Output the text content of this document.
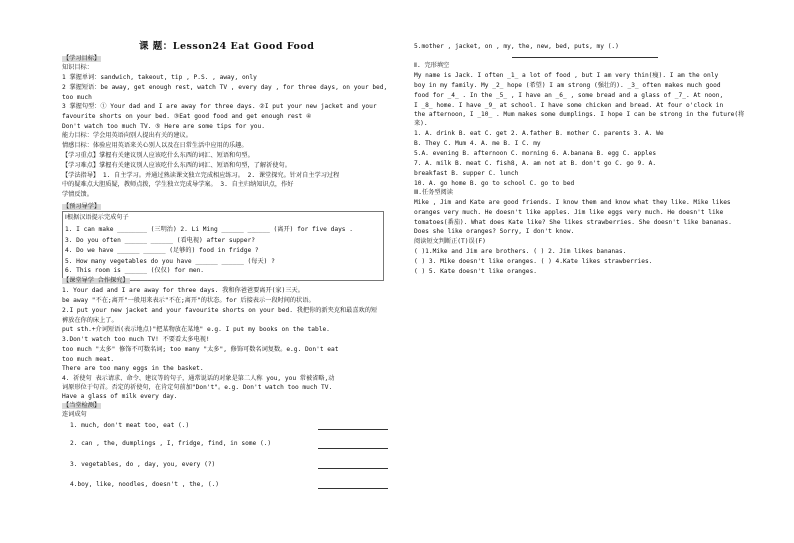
课 题：Lesson24 Eat Good Food
【学习目标】
知识目标：
1 掌握单词：sandwich, takeout, tip , P.S. , away, only
2 掌握短语：be away, get enough rest, watch TV , every day , for three days, on your bed,
too much
3 掌握句型：① Your dad and I are away for three days. ②I put your new jacket and your
favourite shorts on your bed. ③Eat good food and get enough rest ④
Don't watch too much TV. ⑤ Here are some tips for you.
能力目标：学会用英语向别人提出有关的建议。
情感目标：体验应用英语来关心别人以及在日常生活中应用的乐趣。
【学习重点】掌握有关建议别人应该吃什么东西的词汇、短语和句型。
【学习难点】掌握有关建议别人应该吃什么东西的词汇、短语和句型，了解祈使句。
【学法指导】 1. 自主学习。并通过熟读课文独立完成相应练习。 2. 课堂探究。针对自主学习过程
中的疑难点大胆质疑，教师点拨，学生独立完成导学案。 3. 自主归纳知识点，作好
学情反馈。
【预习导学】
Ⅰ根据汉语提示完成句子
1. I can make ________ (三明治) 2. Li Ming ______ ______ (离开) for five days .
3. Do you often ______ ______ (看电视) after supper?
4. Do we have ______ ______ (足够的) food in fridge ?
5. How many vegetables do you have ______ ______ (每天) ?
6. This room is ______ (仅仅) for men.
【课堂导学 合作探究】
1. Your dad and I are away for three days. 我和你爸爸要离开(家)三天。
be away "不在;离开"一般用来表示"不在;离开"的状态。for 后接表示一段时间的状语。
2.I put your new jacket and your favourite shorts on your bed. 我把你的新夹克和最喜欢的短
裤放在你的床上了。
put sth.+介词短语(表示地点)"把某物放在某地" e.g. I put my books on the table.
3.Don't watch too much TV! 不要看太多电视!
too much "太多" 修饰不可数名词; too many "太多", 修饰可数名词复数。e.g. Don't eat
too much meat.
There are too many eggs in the basket.
4. 祈使句 表示请求、命令、建议等的句子，通常说话的对象是第二人称 you, you 常被省略,动
词原形位于句首。否定的祈使句，在肯定句前加"Don't"。e.g. Don't watch too much TV.
Have a glass of milk every day.
【当堂检测】
连词成句
1. much, don't meat too, eat (.)
2. can , the, dumplings , I, fridge, find, in some (.)
3. vegetables, do , day, you, every (?)
4.boy, like, noodles, doesn't , the, (.)
5.mother , jacket, on , my, the, new, bed, puts, my (.)
Ⅱ. 完形填空
My name is Jack. I often _1_ a lot of food , but I am very thin(瘦). I am the only
boy in my family. My _2_ hope (希望) I am strong (强壮的). _3_ often makes much good
food for _4_ . In the _5_ , I have an _6_ , some bread and a glass of _7_. At noon,
I _8_ home. I have _9_ at school. I have some chicken and bread. At four o'clock in
the afternoon, I _10_ . Mum makes some dumplings. I hope I can be strong in the future(将
来).
1. A. drink B. eat C. get 2. A.father B. mother C. parents 3. A. We
B. They C. Mum 4. A. me B. I C. my
5.A. evening B. afternoon C. morning 6. A.banana B. egg C. apples
7. A. milk B. meat C. fish8, A. am not at B. don't go C. go 9. A.
breakfast B. supper C. lunch
10. A. go home B. go to school C. go to bed
Ⅲ.任务型阅读
Mike , Jim and Kate are good friends. I know them and know what they like. Mike likes
oranges very much. He doesn't like apples. Jim like eggs very much. He doesn't like
tomatoes(番茄). What does Kate like? She likes strawberries. She doesn't like bananas.
Does she like oranges? Sorry, I don't know.
阅读短文判断正(T)误(F)
( )1.Mike and Jim are brothers. ( ) 2. Jim likes bananas.
( ) 3. Mike doesn't like oranges. ( ) 4.Kate likes strawberries.
( ) 5. Kate doesn't like oranges.
